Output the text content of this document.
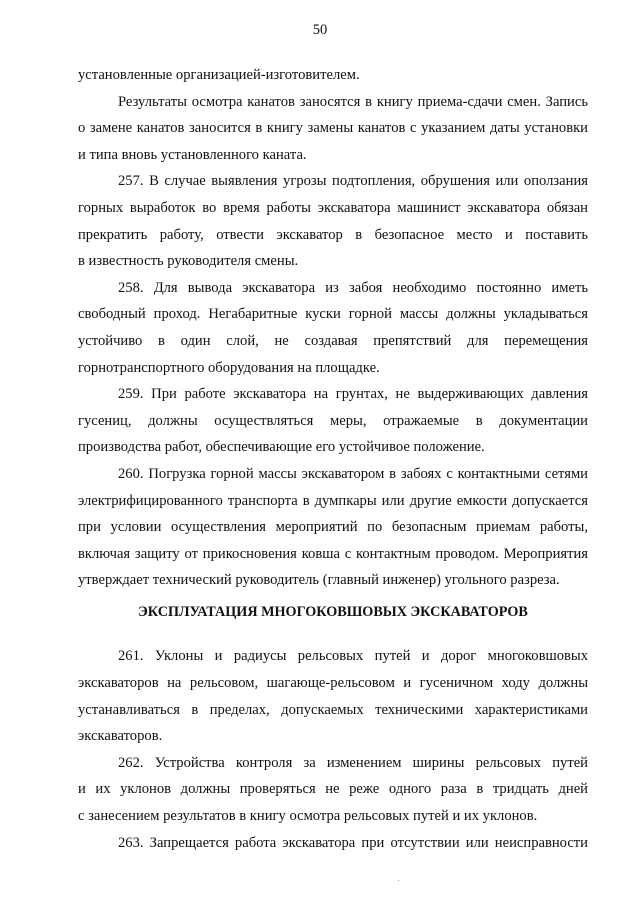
50
установленные организацией-изготовителем.
Результаты осмотра канатов заносятся в книгу приема-сдачи смен. Запись
о замене канатов заносится в книгу замены канатов с указанием даты установки
и типа вновь установленного каната.
257. В случае выявления угрозы подтопления, обрушения или оползания
горных выработок во время работы экскаватора машинист экскаватора обязан
прекратить работу, отвести экскаватор в безопасное место и поставить
в известность руководителя смены.
258. Для вывода экскаватора из забоя необходимо постоянно иметь
свободный проход. Негабаритные куски горной массы должны укладываться
устойчиво в один слой, не создавая препятствий для перемещения
горнотранспортного оборудования на площадке.
259. При работе экскаватора на грунтах, не выдерживающих давления
гусениц, должны осуществляться меры, отражаемые в документации
производства работ, обеспечивающие его устойчивое положение.
260. Погрузка горной массы экскаватором в забоях с контактными сетями
электрифицированного транспорта в думпкары или другие емкости допускается
при условии осуществления мероприятий по безопасным приемам работы,
включая защиту от прикосновения ковша с контактным проводом. Мероприятия
утверждает технический руководитель (главный инженер) угольного разреза.
ЭКСПЛУАТАЦИЯ МНОГОКОВШОВЫХ ЭКСКАВАТОРОВ
261. Уклоны и радиусы рельсовых путей и дорог многоковшовых
экскаваторов на рельсовом, шагающе-рельсовом и гусеничном ходу должны
устанавливаться в пределах, допускаемых техническими характеристиками
экскаваторов.
262. Устройства контроля за изменением ширины рельсовых путей
и их уклонов должны проверяться не реже одного раза в тридцать дней
с занесением результатов в книгу осмотра рельсовых путей и их уклонов.
263. Запрещается работа экскаватора при отсутствии или неисправности
